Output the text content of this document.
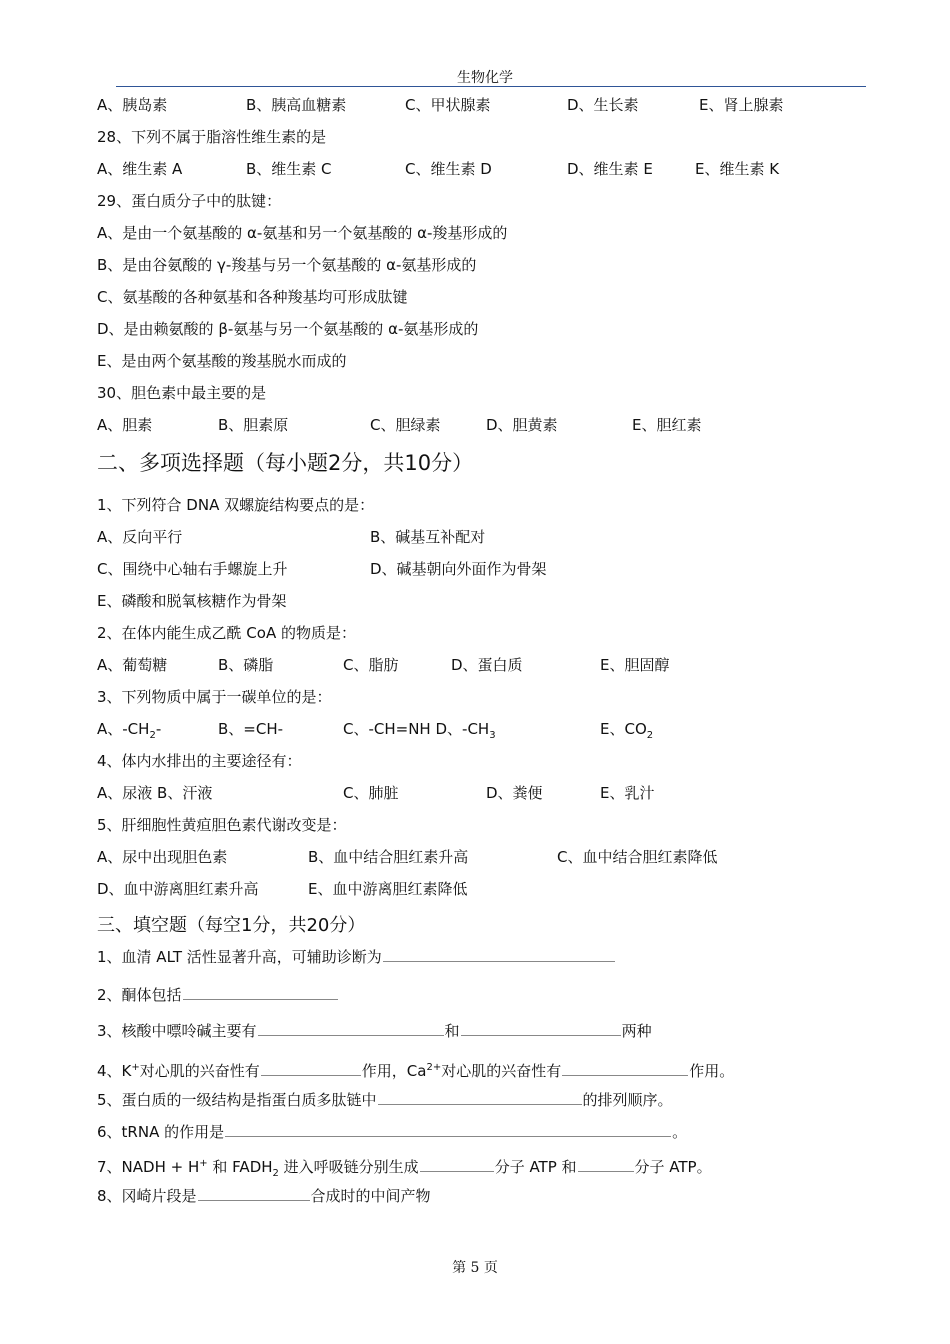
生物化学
A、胰岛素	B、胰高血糖素	C、甲状腺素	D、生长素	E、肾上腺素
28、下列不属于脂溶性维生素的是
A、维生素 A	B、维生素 C	C、维生素 D	D、维生素 E	E、维生素 K
29、蛋白质分子中的肽键：
A、是由一个氨基酸的 α-氨基和另一个氨基酸的 α-羧基形成的
B、是由谷氨酸的 γ-羧基与另一个氨基酸的 α-氨基形成的
C、氨基酸的各种氨基和各种羧基均可形成肽键
D、是由赖氨酸的 β-氨基与另一个氨基酸的 α-氨基形成的
E、是由两个氨基酸的羧基脱水而成的
30、胆色素中最主要的是
A、胆素	B、胆素原	C、胆绿素	D、胆黄素	E、胆红素
二、多项选择题（每小题2分，共10分）
1、下列符合 DNA 双螺旋结构要点的是：
A、反向平行	B、碱基互补配对
C、围绕中心轴右手螺旋上升	D、碱基朝向外面作为骨架
E、磷酸和脱氧核糖作为骨架
2、在体内能生成乙酰 CoA 的物质是：
A、葡萄糖	B、磷脂	C、脂肪	D、蛋白质	E、胆固醇
3、下列物质中属于一碳单位的是：
A、$-CH_2-$	B、=CH-	C、-CH=NH D、$-CH_3$	E、$CO_2$
4、体内水排出的主要途径有：
A、尿液 B、汗液	C、肺脏	D、粪便	E、乳汁
5、肝细胞性黄疸胆色素代谢改变是：
A、尿中出现胆色素	B、血中结合胆红素升高	C、血中结合胆红素降低
D、血中游离胆红素升高	E、血中游离胆红素降低
三、填空题（每空1分，共20分）
1、血清 ALT 活性显著升高，可辅助诊断为
2、酮体包括
3、核酸中嘌呤碱主要有	和	两种
4、K+对心肌的兴奋性有	作用，$Ca^{2+}$对心肌的兴奋性有	作用。
5、蛋白质的一级结构是指蛋白质多肽链中	的排列顺序。
6、tRNA 的作用是	。
7、NADH + H+ 和 $FADH_2$ 进入呼吸链分别生成	分子 ATP 和	分子 ATP。
8、冈崎片段是	合成时的中间产物
第 5 页
